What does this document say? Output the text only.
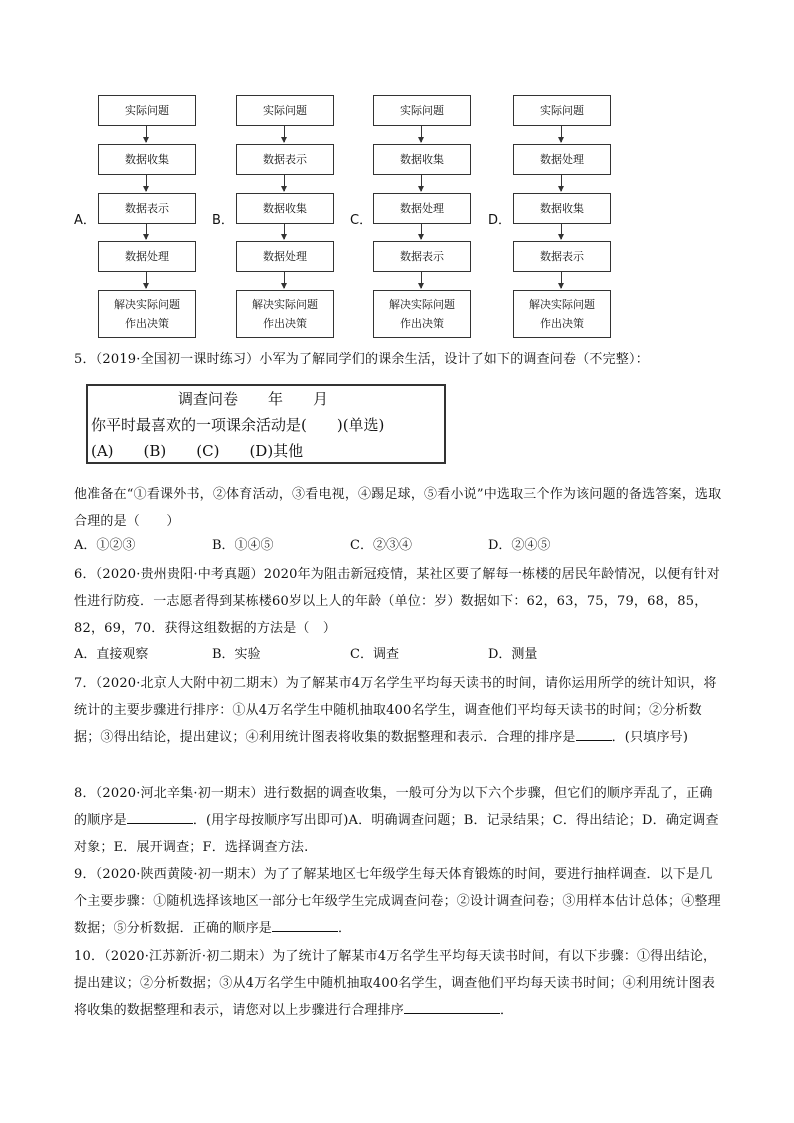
A．	B．	C．	D．
实际问题
数据收集
数据表示
数据处理
解决实际问题
作出决策
实际问题
数据表示
数据收集
数据处理
解决实际问题
作出决策
实际问题
数据收集
数据处理
数据表示
解决实际问题
作出决策
实际问题
数据处理
数据收集
数据表示
解决实际问题
作出决策
5．（2019·全国初一课时练习）小军为了解同学们的课余生活，设计了如下的调查问卷（不完整）：
调查问卷　　年　　月
你平时最喜欢的一项课余活动是(　　)(单选)
(A)　　(B)　　(C)　　(D)其他
他准备在“①看课外书，②体育活动，③看电视，④踢足球，⑤看小说”中选取三个作为该问题的备选答案，选取合理的是（　　）
A．①②③	B．①④⑤	C．②③④	D．②④⑤
6．（2020·贵州贵阳·中考真题）2020年为阻击新冠疫情，某社区要了解每一栋楼的居民年龄情况，以便有针对性进行防疫．一志愿者得到某栋楼60岁以上人的年龄（单位：岁）数据如下：62，63，75，79，68，85，82，69，70．获得这组数据的方法是（　）
A．直接观察	B．实验	C．调查	D．测量
7．（2020·北京人大附中初二期末）为了解某市4万名学生平均每天读书的时间，请你运用所学的统计知识，将统计的主要步骤进行排序：①从4万名学生中随机抽取400名学生，调查他们平均每天读书的时间；②分析数据；③得出结论，提出建议；④利用统计图表将收集的数据整理和表示．合理的排序是	．(只填序号)
8．（2020·河北辛集·初一期末）进行数据的调查收集，一般可分为以下六个步骤，但它们的顺序弄乱了，正确的顺序是	．(用字母按顺序写出即可)A．明确调查问题；B．记录结果；C．得出结论；D．确定调查对象；E．展开调查；F．选择调查方法.
9．（2020·陕西黄陵·初一期末）为了了解某地区七年级学生每天体育锻炼的时间，要进行抽样调查．以下是几个主要步骤：①随机选择该地区一部分七年级学生完成调查问卷；②设计调查问卷；③用样本估计总体；④整理数据；⑤分析数据．正确的顺序是	．
10．（2020·江苏新沂·初二期末）为了统计了解某市4万名学生平均每天读书时间，有以下步骤：①得出结论，提出建议；②分析数据；③从4万名学生中随机抽取400名学生，调查他们平均每天读书时间；④利用统计图表将收集的数据整理和表示，请您对以上步骤进行合理排序	．
